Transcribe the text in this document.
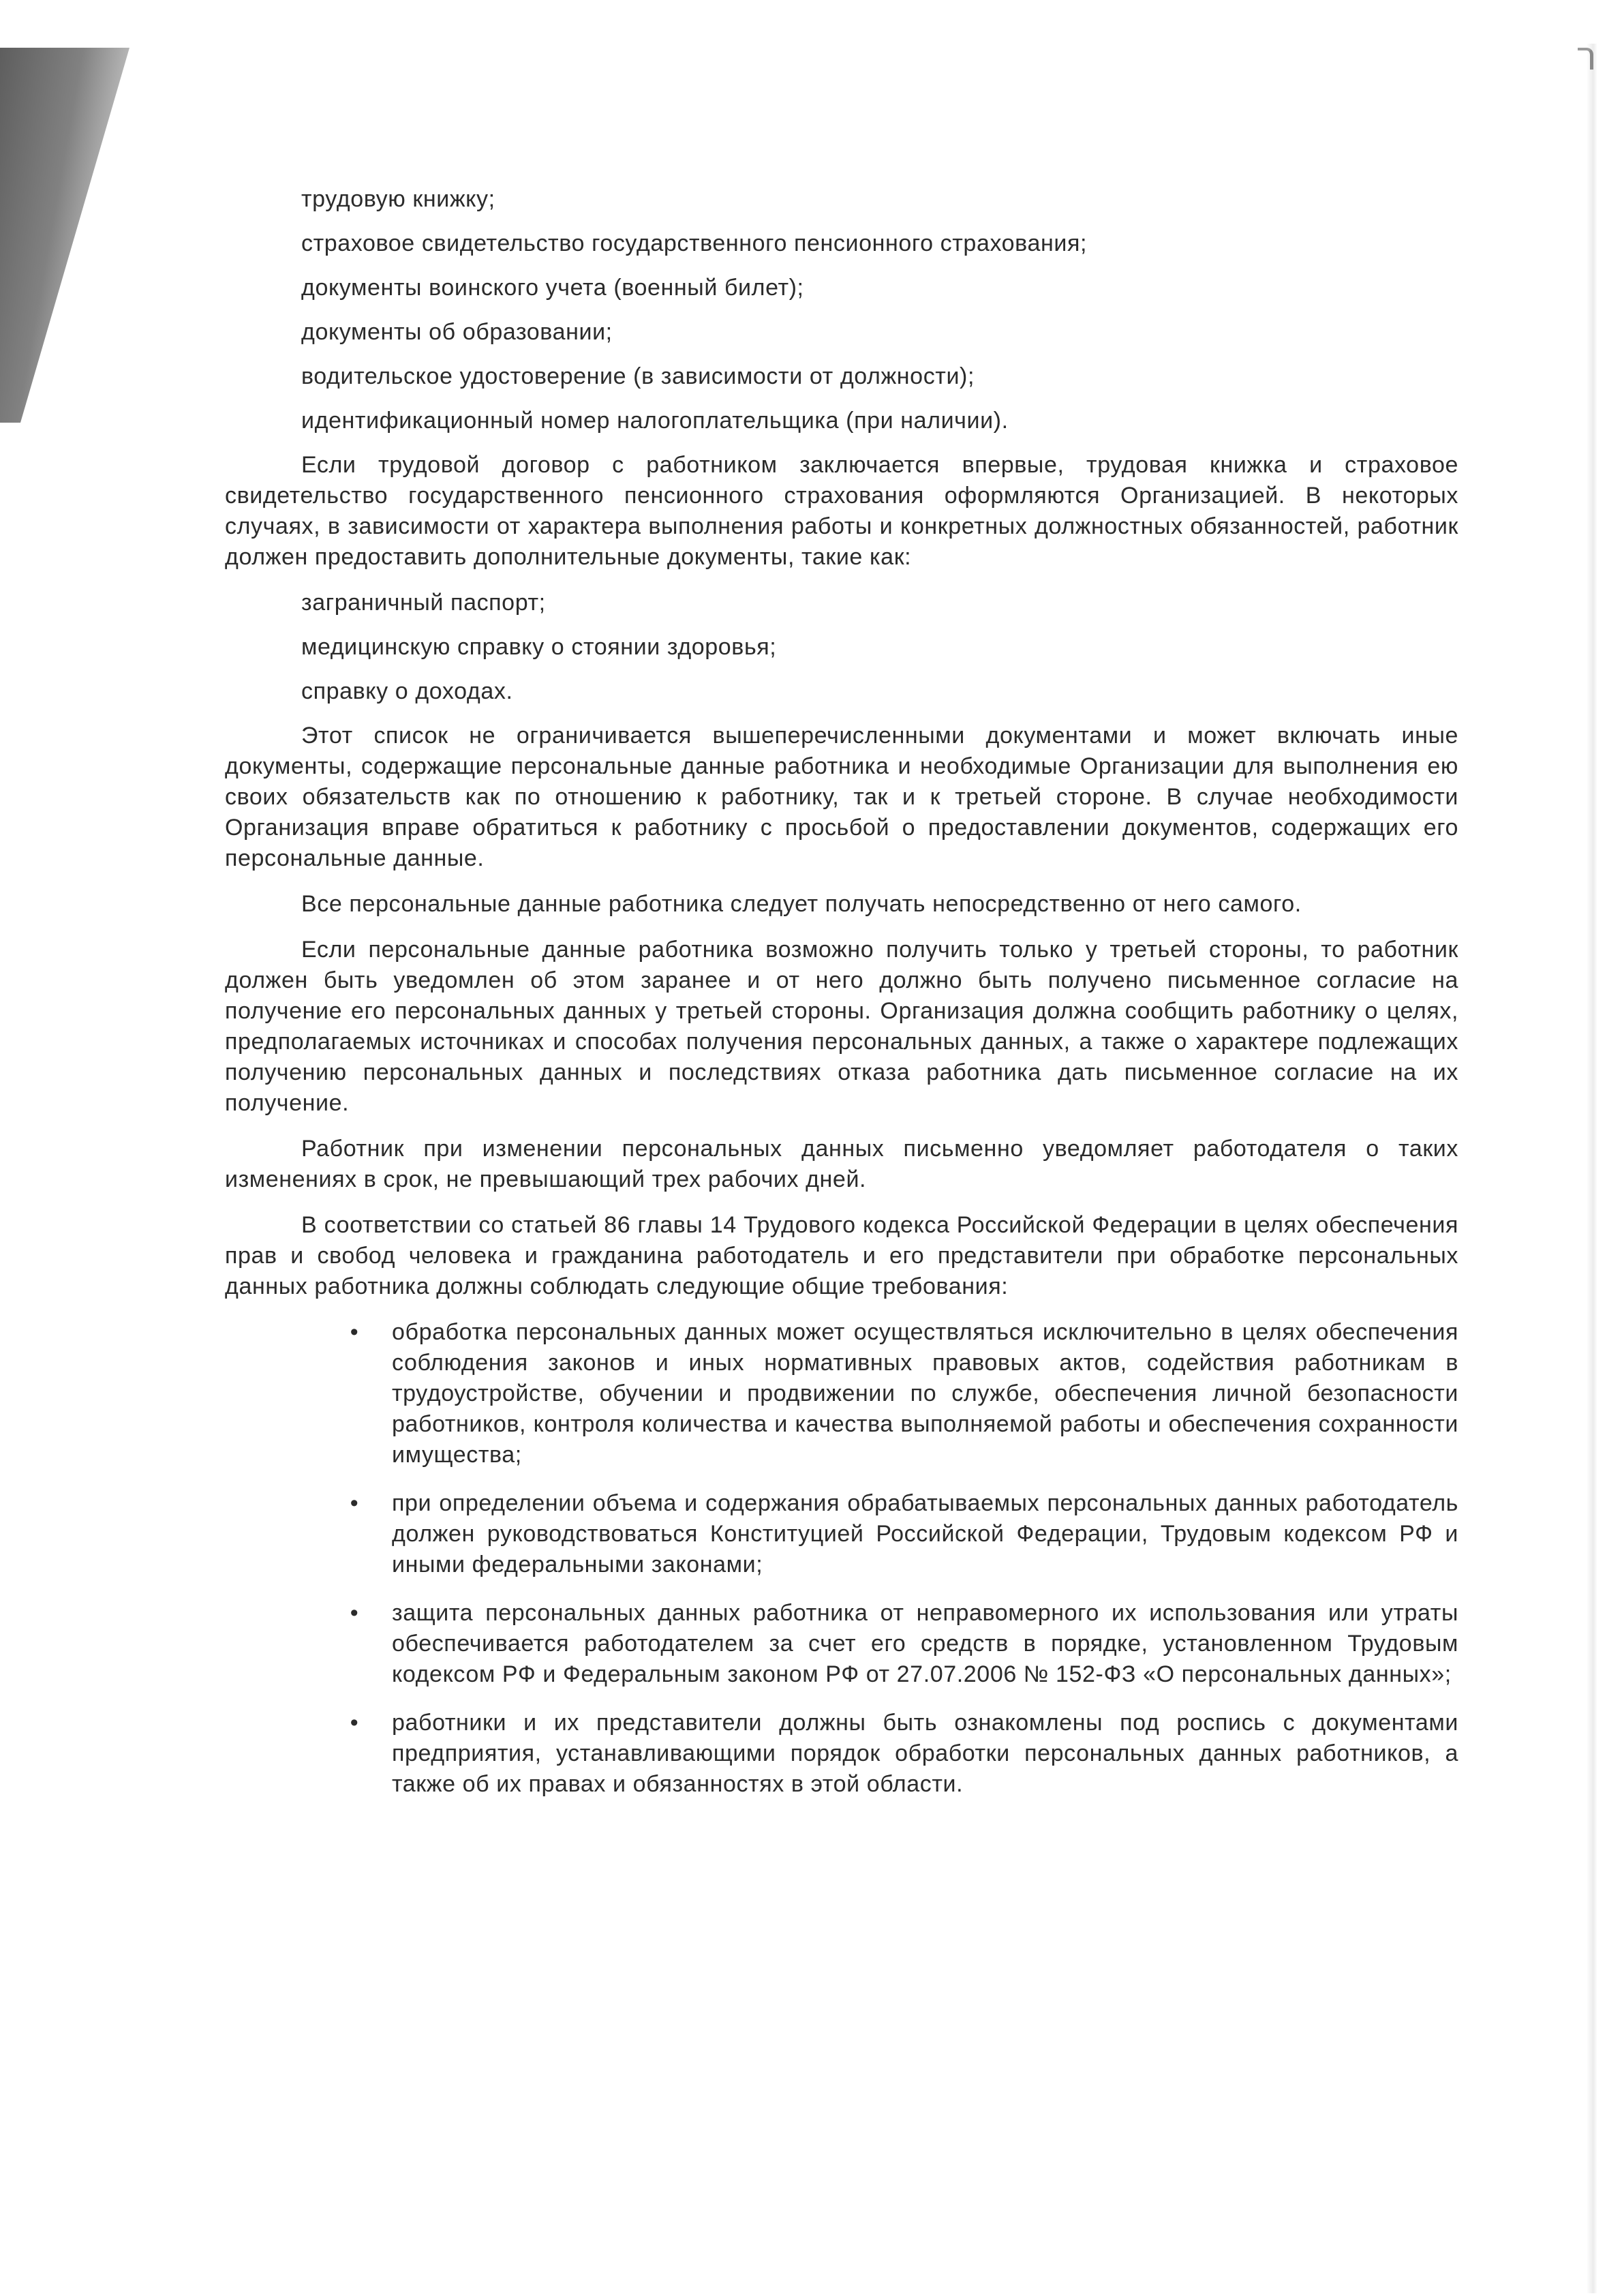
трудовую книжку;
страховое свидетельство государственного пенсионного страхования;
документы воинского учета (военный билет);
документы об образовании;
водительское удостоверение (в зависимости от должности);
идентификационный номер налогоплательщика (при наличии).

Если трудовой договор с работником заключается впервые, трудовая книжка и страховое свидетельство государственного пенсионного страхования оформляются Организацией. В некоторых случаях, в зависимости от характера выполнения работы и конкретных должностных обязанностей, работник должен предоставить дополнительные документы, такие как:

заграничный паспорт;
медицинскую справку о стоянии здоровья;
справку о доходах.

Этот список не ограничивается вышеперечисленными документами и может включать иные документы, содержащие персональные данные работника и необходимые Организации для выполнения ею своих обязательств как по отношению к работнику, так и к третьей стороне. В случае необходимости Организация вправе обратиться к работнику с просьбой о предоставлении документов, содержащих его персональные данные.

Все персональные данные работника следует получать непосредственно от него самого.

Если персональные данные работника возможно получить только у третьей стороны, то работник должен быть уведомлен об этом заранее и от него должно быть получено письменное согласие на получение его персональных данных у третьей стороны. Организация должна сообщить работнику о целях, предполагаемых источниках и способах получения персональных данных, а также о характере подлежащих получению персональных данных и последствиях отказа работника дать письменное согласие на их получение.

Работник при изменении персональных данных письменно уведомляет работодателя о таких изменениях в срок, не превышающий трех рабочих дней.

В соответствии со статьей 86 главы 14 Трудового кодекса Российской Федерации в целях обеспечения прав и свобод человека и гражданина работодатель и его представители при обработке персональных данных работника должны соблюдать следующие общие требования:

• обработка персональных данных может осуществляться исключительно в целях обеспечения соблюдения законов и иных нормативных правовых актов, содействия работникам в трудоустройстве, обучении и продвижении по службе, обеспечения личной безопасности работников, контроля количества и качества выполняемой работы и обеспечения сохранности имущества;
• при определении объема и содержания обрабатываемых персональных данных работодатель должен руководствоваться Конституцией Российской Федерации, Трудовым кодексом РФ и иными федеральными законами;
• защита персональных данных работника от неправомерного их использования или утраты обеспечивается работодателем за счет его средств в порядке, установленном Трудовым кодексом РФ и Федеральным законом РФ от 27.07.2006 № 152-ФЗ «О персональных данных»;
• работники и их представители должны быть ознакомлены под роспись с документами предприятия, устанавливающими порядок обработки персональных данных работников, а также об их правах и обязанностях в этой области.
